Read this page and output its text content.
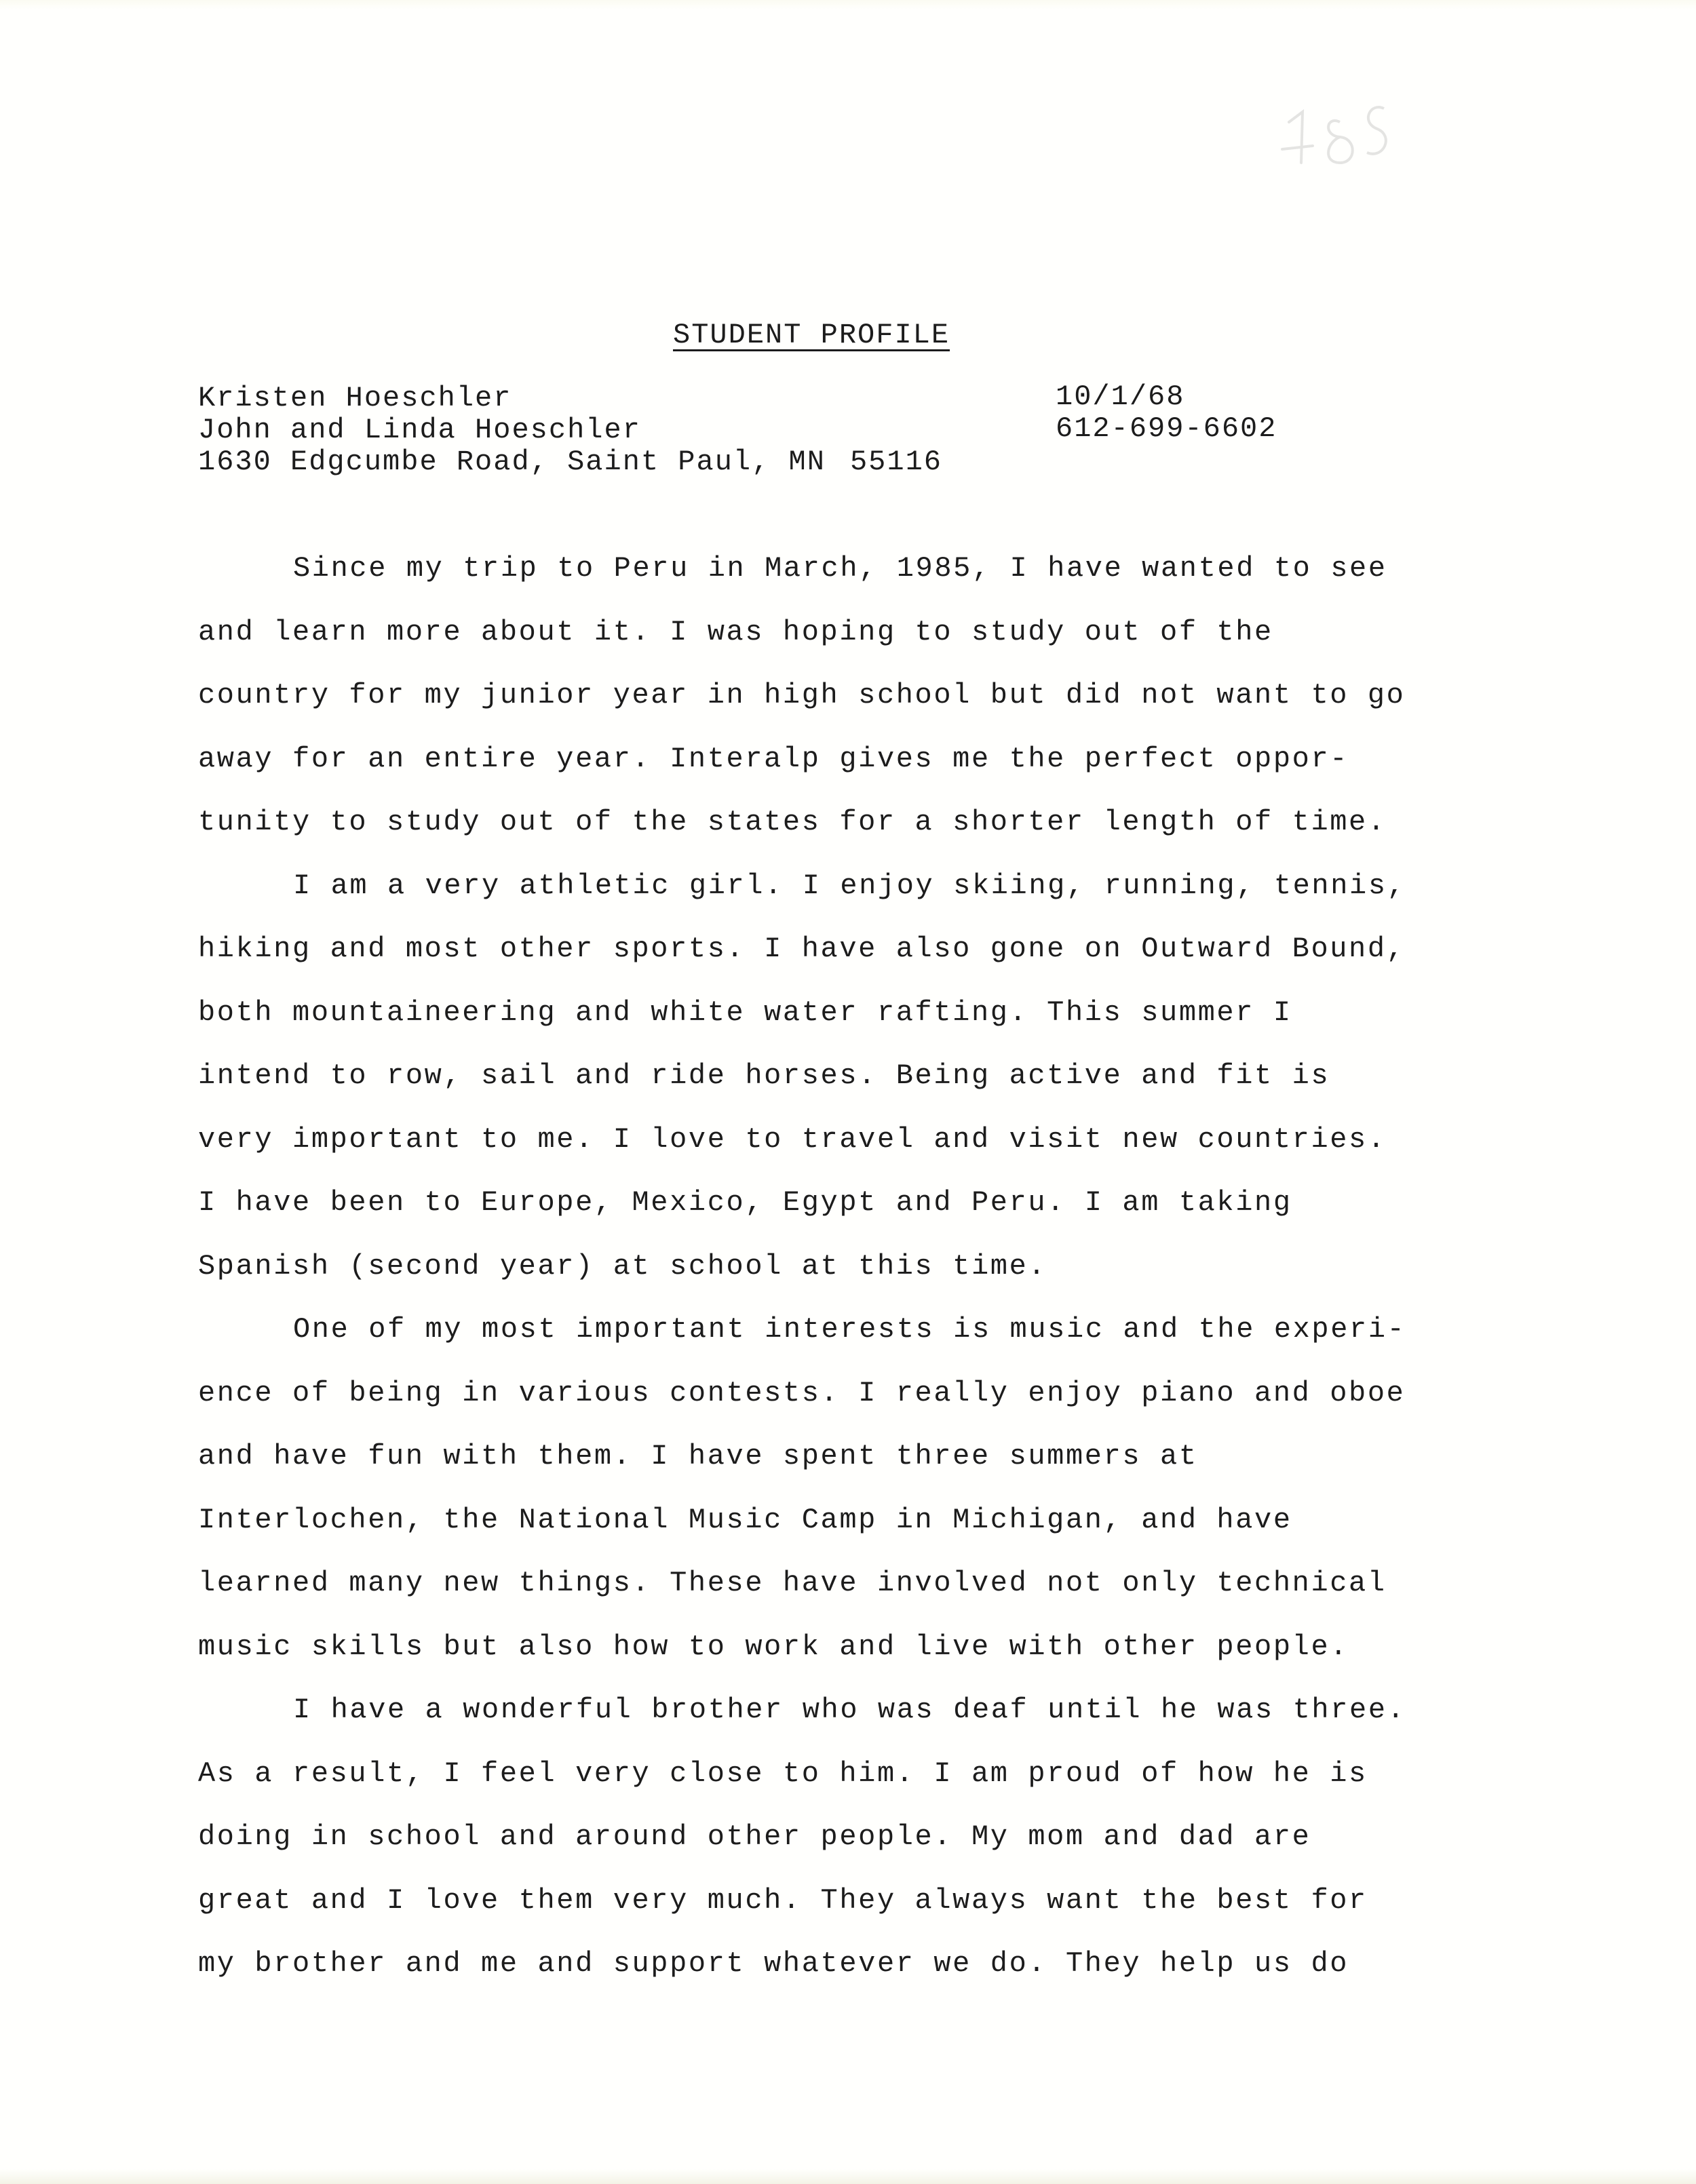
STUDENT PROFILE
Kristen Hoeschler
John and Linda Hoeschler
1630 Edgcumbe Road, Saint Paul, MN 55116
10/1/68
612-699-6602
Since my trip to Peru in March, 1985, I have wanted to see
and learn more about it. I was hoping to study out of the
country for my junior year in high school but did not want to go
away for an entire year. Interalp gives me the perfect oppor-
tunity to study out of the states for a shorter length of time.
I am a very athletic girl. I enjoy skiing, running, tennis,
hiking and most other sports. I have also gone on Outward Bound,
both mountaineering and white water rafting. This summer I
intend to row, sail and ride horses. Being active and fit is
very important to me. I love to travel and visit new countries.
I have been to Europe, Mexico, Egypt and Peru. I am taking
Spanish (second year) at school at this time.
One of my most important interests is music and the experi-
ence of being in various contests. I really enjoy piano and oboe
and have fun with them. I have spent three summers at
Interlochen, the National Music Camp in Michigan, and have
learned many new things. These have involved not only technical
music skills but also how to work and live with other people.
I have a wonderful brother who was deaf until he was three.
As a result, I feel very close to him. I am proud of how he is
doing in school and around other people. My mom and dad are
great and I love them very much. They always want the best for
my brother and me and support whatever we do. They help us do
